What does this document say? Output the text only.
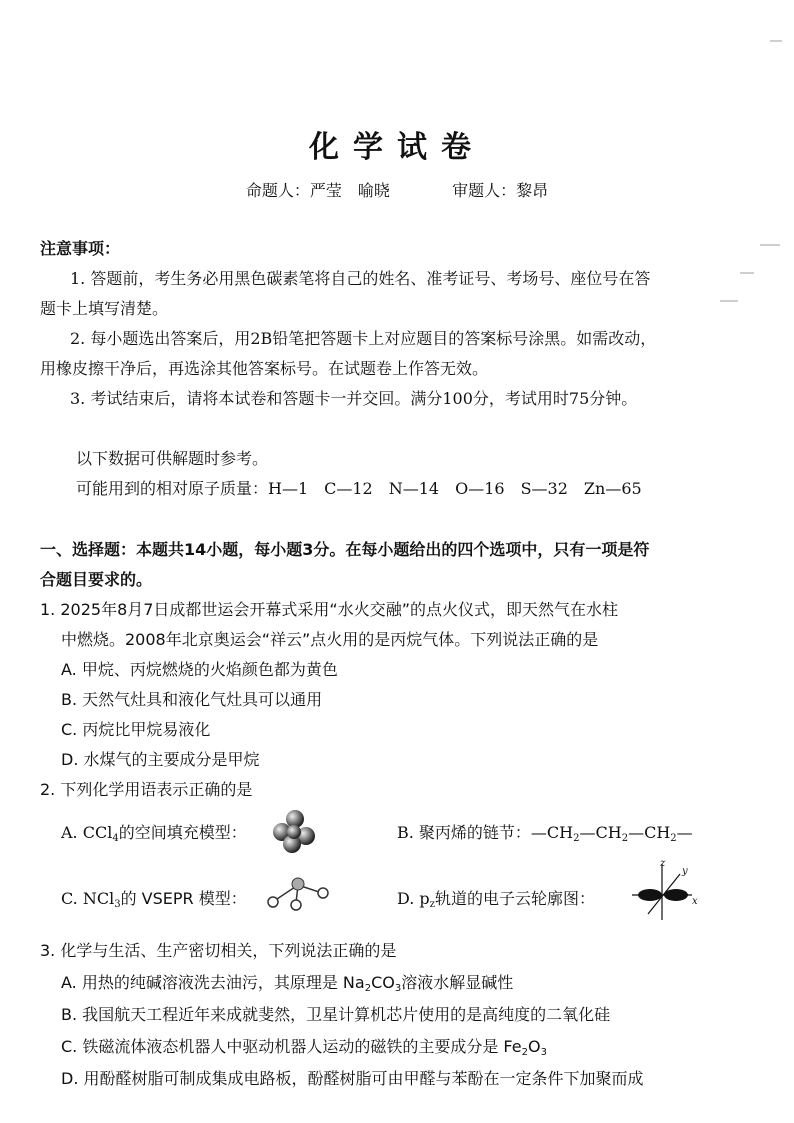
化学试卷
命题人：严莹　喻晓	审题人：黎昂
注意事项：
1. 答题前，考生务必用黑色碳素笔将自己的姓名、准考证号、考场号、座位号在答
题卡上填写清楚。
2. 每小题选出答案后，用2B铅笔把答题卡上对应题目的答案标号涂黑。如需改动，
用橡皮擦干净后，再选涂其他答案标号。在试题卷上作答无效。
3. 考试结束后，请将本试卷和答题卡一并交回。满分100分，考试用时75分钟。
以下数据可供解题时参考。
可能用到的相对原子质量：H—1　C—12　N—14　O—16　S—32　Zn—65
一、选择题：本题共14小题，每小题3分。在每小题给出的四个选项中，只有一项是符
合题目要求的。
1. 2025年8月7日成都世运会开幕式采用“水火交融”的点火仪式，即天然气在水柱
中燃烧。2008年北京奥运会“祥云”点火用的是丙烷气体。下列说法正确的是
A. 甲烷、丙烷燃烧的火焰颜色都为黄色
B. 天然气灶具和液化气灶具可以通用
C. 丙烷比甲烷易液化
D. 水煤气的主要成分是甲烷
2. 下列化学用语表示正确的是
A. CCl$_4$的空间填充模型：	B. 聚丙烯的链节：$—CH_2—CH_2—CH_2—$
C. NCl$_3$的 VSEPR 模型：	D. $p_z$轨道的电子云轮廓图：
z
y
x
3. 化学与生活、生产密切相关，下列说法正确的是
A. 用热的纯碱溶液洗去油污，其原理是 $Na_2CO_3$溶液水解显碱性
B. 我国航天工程近年来成就斐然，卫星计算机芯片使用的是高纯度的二氧化硅
C. 铁磁流体液态机器人中驱动机器人运动的磁铁的主要成分是 $Fe_2O_3$
D. 用酚醛树脂可制成集成电路板，酚醛树脂可由甲醛与苯酚在一定条件下加聚而成
